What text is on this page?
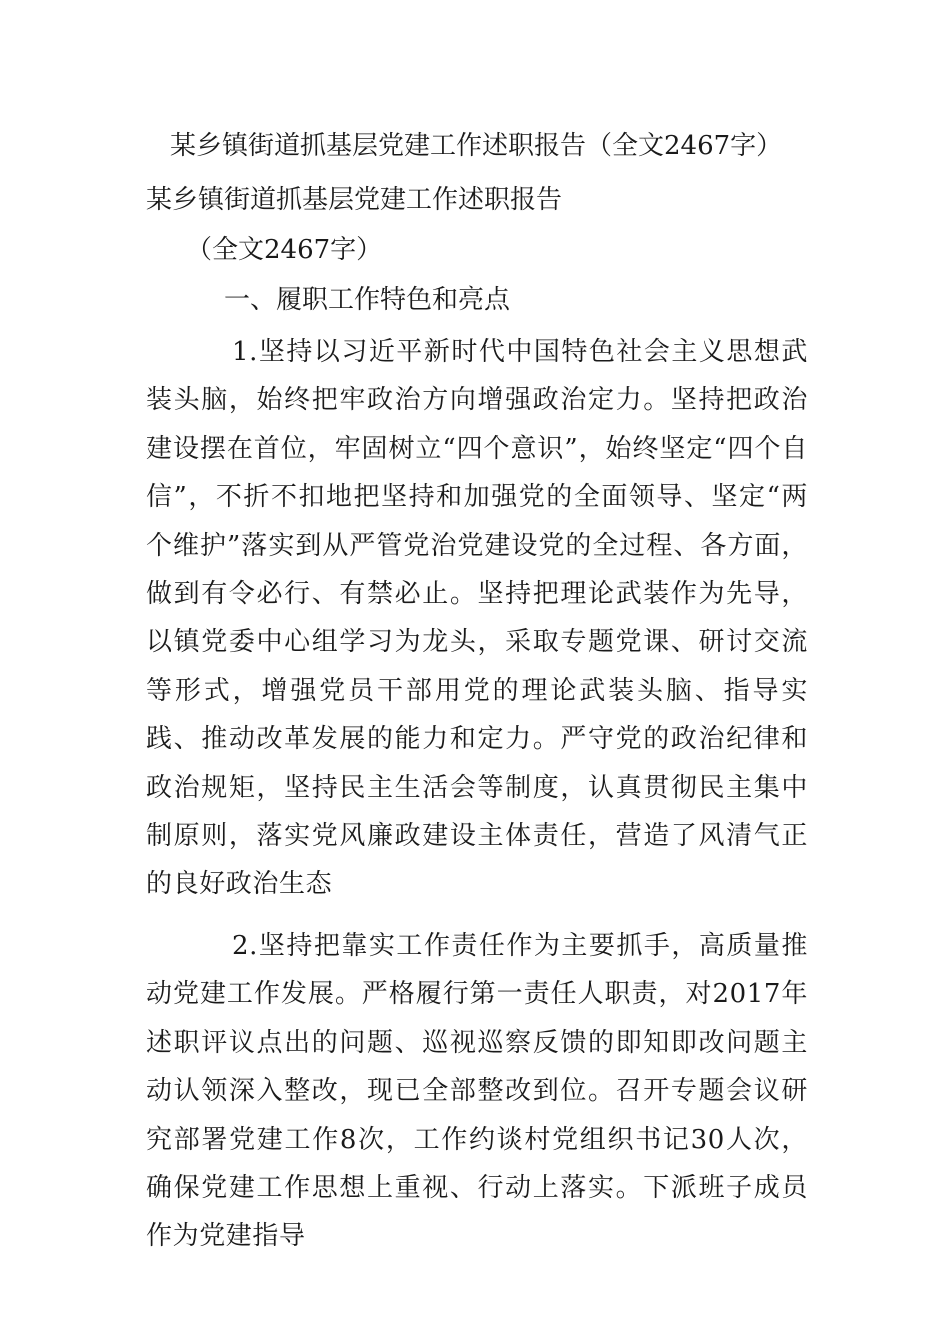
某乡镇街道抓基层党建工作述职报告（全文2467字）

某乡镇街道抓基层党建工作述职报告

（全文2467字）

一、履职工作特色和亮点

1.坚持以习近平新时代中国特色社会主义思想武装头脑，始终把牢政治方向增强政治定力。坚持把政治建设摆在首位，牢固树立“四个意识”，始终坚定“四个自信”，不折不扣地把坚持和加强党的全面领导、坚定“两个维护”落实到从严管党治党建设党的全过程、各方面，做到有令必行、有禁必止。坚持把理论武装作为先导，以镇党委中心组学习为龙头，采取专题党课、研讨交流等形式，增强党员干部用党的理论武装头脑、指导实践、推动改革发展的能力和定力。严守党的政治纪律和政治规矩，坚持民主生活会等制度，认真贯彻民主集中制原则，落实党风廉政建设主体责任，营造了风清气正的良好政治生态

2.坚持把靠实工作责任作为主要抓手，高质量推动党建工作发展。严格履行第一责任人职责，对2017年述职评议点出的问题、巡视巡察反馈的即知即改问题主动认领深入整改，现已全部整改到位。召开专题会议研究部署党建工作8次，工作约谈村党组织书记30人次，确保党建工作思想上重视、行动上落实。下派班子成员作为党建指导
